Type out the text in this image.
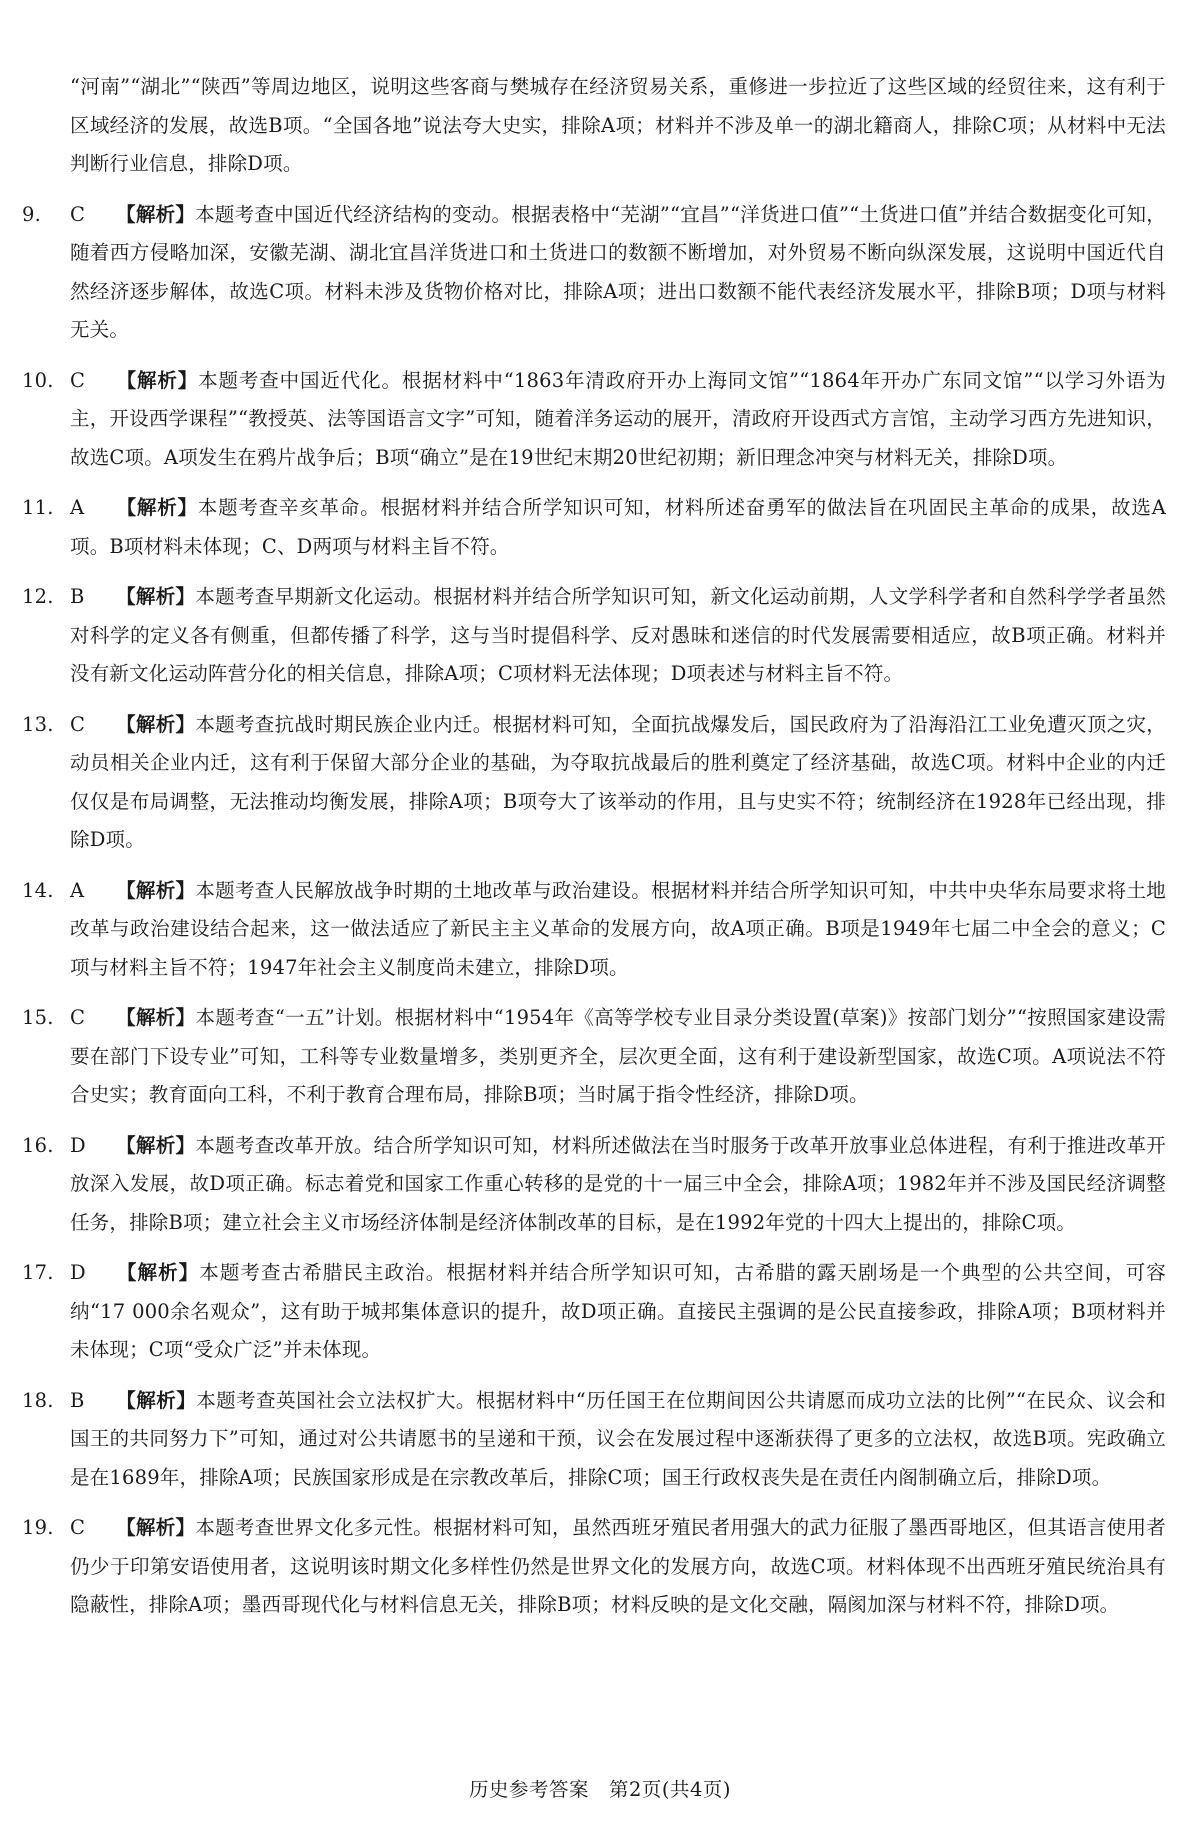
“河南”“湖北”“陕西”等周边地区，说明这些客商与樊城存在经济贸易关系，重修进一步拉近了这些区域的经贸往来，这有利于区域经济的发展，故选B项。“全国各地”说法夸大史实，排除A项；材料并不涉及单一的湖北籍商人，排除C项；从材料中无法判断行业信息，排除D项。
9. C 【解析】本题考查中国近代经济结构的变动。根据表格中“芜湖”“宜昌”“洋货进口值”“土货进口值”并结合数据变化可知，随着西方侵略加深，安徽芜湖、湖北宜昌洋货进口和土货进口的数额不断增加，对外贸易不断向纵深发展，这说明中国近代自然经济逐步解体，故选C项。材料未涉及货物价格对比，排除A项；进出口数额不能代表经济发展水平，排除B项；D项与材料无关。
10. C 【解析】本题考查中国近代化。根据材料中“1863年清政府开办上海同文馆”“1864年开办广东同文馆”“以学习外语为主，开设西学课程”“教授英、法等国语言文字”可知，随着洋务运动的展开，清政府开设西式方言馆，主动学习西方先进知识，故选C项。A项发生在鸦片战争后；B项“确立”是在19世纪末期20世纪初期；新旧理念冲突与材料无关，排除D项。
11. A 【解析】本题考查辛亥革命。根据材料并结合所学知识可知，材料所述奋勇军的做法旨在巩固民主革命的成果，故选A项。B项材料未体现；C、D两项与材料主旨不符。
12. B 【解析】本题考查早期新文化运动。根据材料并结合所学知识可知，新文化运动前期，人文学科学者和自然科学学者虽然对科学的定义各有侧重，但都传播了科学，这与当时提倡科学、反对愚昧和迷信的时代发展需要相适应，故B项正确。材料并没有新文化运动阵营分化的相关信息，排除A项；C项材料无法体现；D项表述与材料主旨不符。
13. C 【解析】本题考查抗战时期民族企业内迁。根据材料可知，全面抗战爆发后，国民政府为了沿海沿江工业免遭灭顶之灾，动员相关企业内迁，这有利于保留大部分企业的基础，为夺取抗战最后的胜利奠定了经济基础，故选C项。材料中企业的内迁仅仅是布局调整，无法推动均衡发展，排除A项；B项夸大了该举动的作用，且与史实不符；统制经济在1928年已经出现，排除D项。
14. A 【解析】本题考查人民解放战争时期的土地改革与政治建设。根据材料并结合所学知识可知，中共中央华东局要求将土地改革与政治建设结合起来，这一做法适应了新民主主义革命的发展方向，故A项正确。B项是1949年七届二中全会的意义；C项与材料主旨不符；1947年社会主义制度尚未建立，排除D项。
15. C 【解析】本题考查“一五”计划。根据材料中“1954年《高等学校专业目录分类设置(草案)》按部门划分”“按照国家建设需要在部门下设专业”可知，工科等专业数量增多，类别更齐全，层次更全面，这有利于建设新型国家，故选C项。A项说法不符合史实；教育面向工科，不利于教育合理布局，排除B项；当时属于指令性经济，排除D项。
16. D 【解析】本题考查改革开放。结合所学知识可知，材料所述做法在当时服务于改革开放事业总体进程，有利于推进改革开放深入发展，故D项正确。标志着党和国家工作重心转移的是党的十一届三中全会，排除A项；1982年并不涉及国民经济调整任务，排除B项；建立社会主义市场经济体制是经济体制改革的目标，是在1992年党的十四大上提出的，排除C项。
17. D 【解析】本题考查古希腊民主政治。根据材料并结合所学知识可知，古希腊的露天剧场是一个典型的公共空间，可容纳“17 000余名观众”，这有助于城邦集体意识的提升，故D项正确。直接民主强调的是公民直接参政，排除A项；B项材料并未体现；C项“受众广泛”并未体现。
18. B 【解析】本题考查英国社会立法权扩大。根据材料中“历任国王在位期间因公共请愿而成功立法的比例”“在民众、议会和国王的共同努力下”可知，通过对公共请愿书的呈递和干预，议会在发展过程中逐渐获得了更多的立法权，故选B项。宪政确立是在1689年，排除A项；民族国家形成是在宗教改革后，排除C项；国王行政权丧失是在责任内阁制确立后，排除D项。
19. C 【解析】本题考查世界文化多元性。根据材料可知，虽然西班牙殖民者用强大的武力征服了墨西哥地区，但其语言使用者仍少于印第安语使用者，这说明该时期文化多样性仍然是世界文化的发展方向，故选C项。材料体现不出西班牙殖民统治具有隐蔽性，排除A项；墨西哥现代化与材料信息无关，排除B项；材料反映的是文化交融，隔阂加深与材料不符，排除D项。
历史参考答案　第2页(共4页)
